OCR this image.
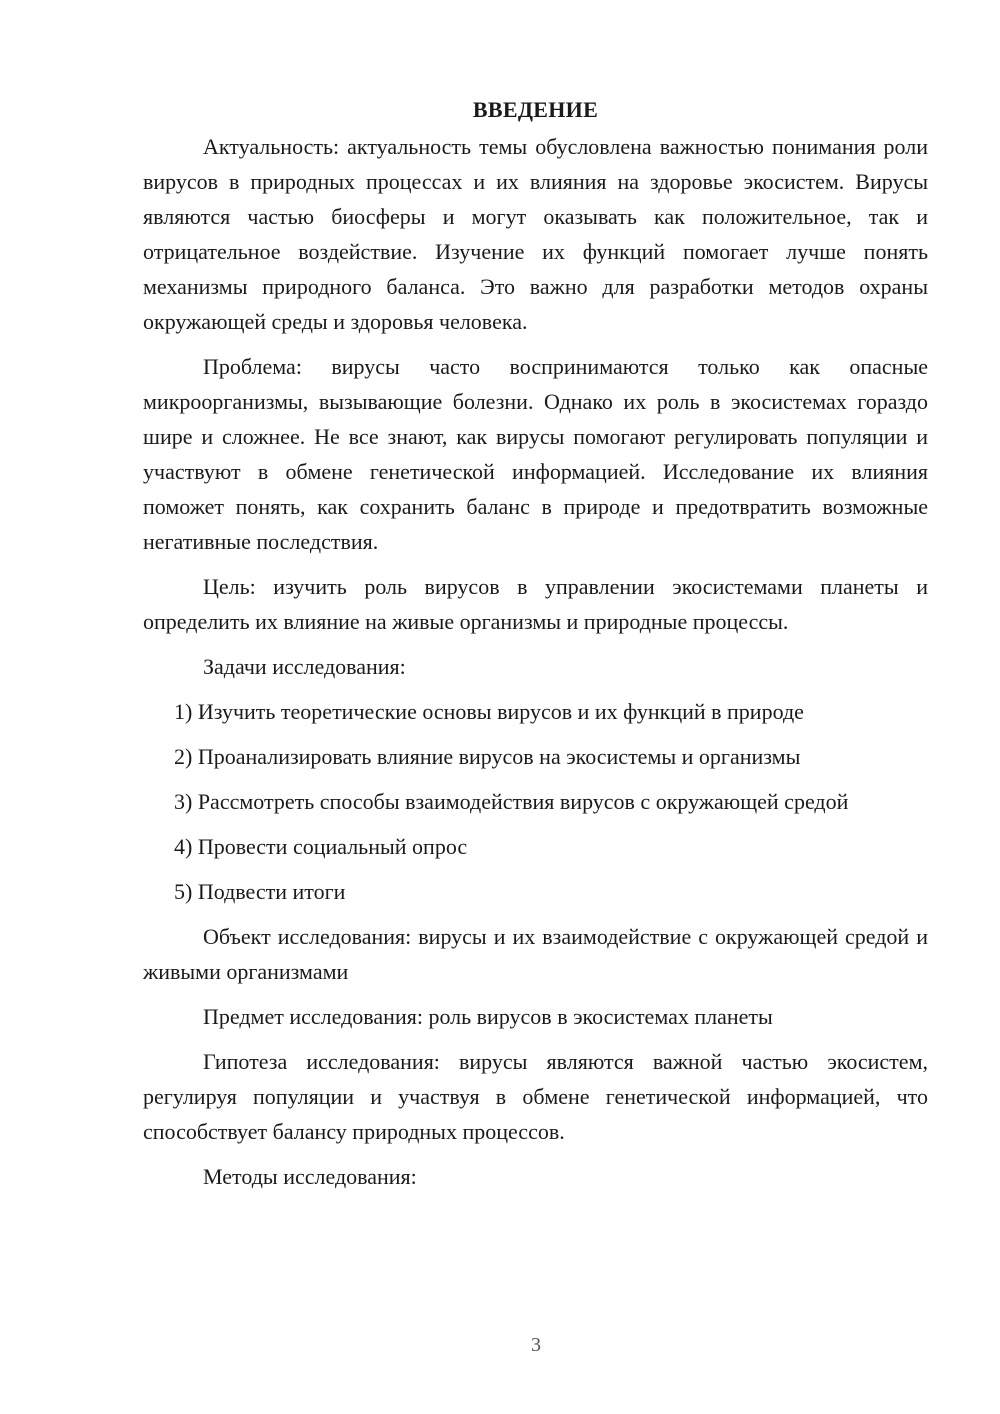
ВВЕДЕНИЕ

Актуальность: актуальность темы обусловлена важностью понимания роли вирусов в природных процессах и их влияния на здоровье экосистем. Вирусы являются частью биосферы и могут оказывать как положительное, так и отрицательное воздействие. Изучение их функций помогает лучше понять механизмы природного баланса. Это важно для разработки методов охраны окружающей среды и здоровья человека.

Проблема: вирусы часто воспринимаются только как опасные микроорганизмы, вызывающие болезни. Однако их роль в экосистемах гораздо шире и сложнее. Не все знают, как вирусы помогают регулировать популяции и участвуют в обмене генетической информацией. Исследование их влияния поможет понять, как сохранить баланс в природе и предотвратить возможные негативные последствия.

Цель: изучить роль вирусов в управлении экосистемами планеты и определить их влияние на живые организмы и природные процессы.

Задачи исследования:

1) Изучить теоретические основы вирусов и их функций в природе

2) Проанализировать влияние вирусов на экосистемы и организмы

3) Рассмотреть способы взаимодействия вирусов с окружающей средой

4) Провести социальный опрос

5) Подвести итоги

Объект исследования: вирусы и их взаимодействие с окружающей средой и живыми организмами

Предмет исследования: роль вирусов в экосистемах планеты

Гипотеза исследования: вирусы являются важной частью экосистем, регулируя популяции и участвуя в обмене генетической информацией, что способствует балансу природных процессов.

Методы исследования:

3
